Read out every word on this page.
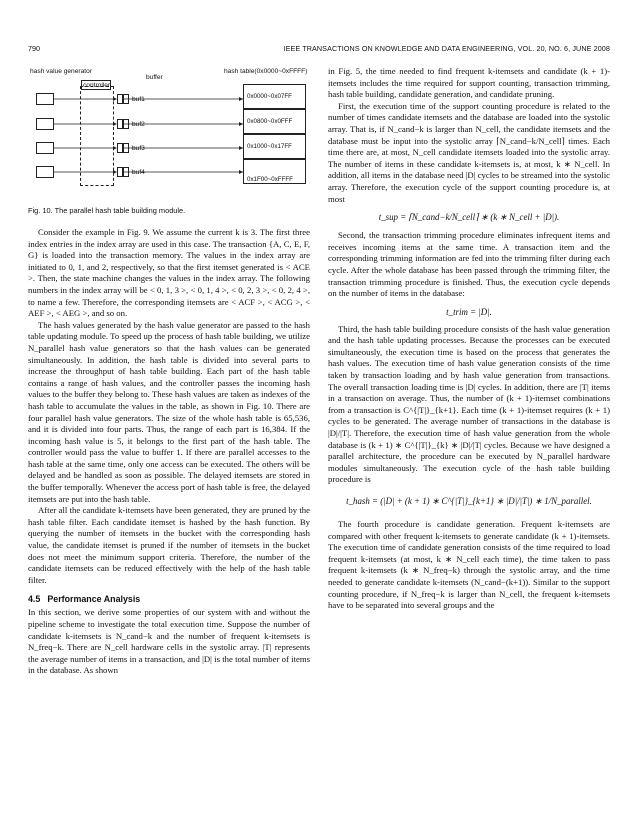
790	IEEE TRANSACTIONS ON KNOWLEDGE AND DATA ENGINEERING, VOL. 20, NO. 6, JUNE 2008
hash value generator
controller
buffer
hash table(0x0000~0xFFFF)
buf1
buf2
buf3
buf4
0x0000~0x07FF
0x0800~0x0FFF
0x1000~0x17FF
0x1F00~0xFFFF
Fig. 10. The parallel hash table building module.

Consider the example in Fig. 9. We assume the current k is 3. The first three index entries in the index array are used in this case. The transaction {A, C, E, F, G} is loaded into the transaction memory. The values in the index array are initiated to 0, 1, and 2, respectively, so that the first itemset generated is < ACE >. Then, the state machine changes the values in the index array. The following numbers in the index array will be < 0, 1, 3 >, < 0, 1, 4 >, < 0, 2, 3 >, < 0, 2, 4 >, to name a few. Therefore, the corresponding itemsets are < ACF >, < ACG >, < AEF >, < AEG >, and so on.

The hash values generated by the hash value generator are passed to the hash table updating module. To speed up the process of hash table building, we utilize N_parallel hash value generators so that the hash values can be generated simultaneously. In addition, the hash table is divided into several parts to increase the throughput of hash table building. Each part of the hash table contains a range of hash values, and the controller passes the incoming hash values to the buffer they belong to. These hash values are taken as indexes of the hash table to accumulate the values in the table, as shown in Fig. 10. There are four parallel hash value generators. The size of the whole hash table is 65,536, and it is divided into four parts. Thus, the range of each part is 16,384. If the incoming hash value is 5, it belongs to the first part of the hash table. The controller would pass the value to buffer 1. If there are parallel accesses to the hash table at the same time, only one access can be executed. The others will be delayed and be handled as soon as possible. The delayed itemsets are stored in the buffer temporally. Whenever the access port of hash table is free, the delayed itemsets are put into the hash table.

After all the candidate k-itemsets have been generated, they are pruned by the hash table filter. Each candidate itemset is hashed by the hash function. By querying the number of itemsets in the bucket with the corresponding hash value, the candidate itemset is pruned if the number of itemsets in the bucket does not meet the minimum support criteria. Therefore, the number of the candidate itemsets can be reduced effectively with the help of the hash table filter.

4.5 Performance Analysis

In this section, we derive some properties of our system with and without the pipeline scheme to investigate the total execution time. Suppose the number of candidate k-itemsets is N_cand−k and the number of frequent k-itemsets is N_freq−k. There are N_cell hardware cells in the systolic array. |T| represents the average number of items in a transaction, and |D| is the total number of items in the database. As shown

in Fig. 5, the time needed to find frequent k-itemsets and candidate (k + 1)-itemsets includes the time required for support counting, transaction trimming, hash table building, candidate generation, and candidate pruning.

First, the execution time of the support counting procedure is related to the number of times candidate itemsets and the database are loaded into the systolic array. That is, if N_cand−k is larger than N_cell, the candidate itemsets and the database must be input into the systolic array ⌈N_cand−k/N_cell⌉ times. Each time there are, at most, N_cell candidate itemsets loaded into the systolic array. The number of items in these candidate k-itemsets is, at most, k ∗ N_cell. In addition, all items in the database need |D| cycles to be streamed into the systolic array. Therefore, the execution cycle of the support counting procedure is, at most

t_sup = ⌈N_cand−k/N_cell⌉ ∗ (k ∗ N_cell + |D|).

Second, the transaction trimming procedure eliminates infrequent items and receives incoming items at the same time. A transaction item and the corresponding trimming information are fed into the trimming filter during each cycle. After the whole database has been passed through the trimming filter, the transaction trimming procedure is finished. Thus, the execution cycle depends on the number of items in the database:

t_trim = |D|.

Third, the hash table building procedure consists of the hash value generation and the hash table updating processes. Because the processes can be executed simultaneously, the execution time is based on the process that generates the hash values. The execution time of hash value generation consists of the time taken by transaction loading and by hash value generation from transactions. The overall transaction loading time is |D| cycles. In addition, there are |T| items in a transaction on average. Thus, the number of (k + 1)-itemset combinations from a transaction is C^{|T|}_{k+1}. Each time (k + 1)-itemset requires (k + 1) cycles to be generated. The average number of transactions in the database is |D|/|T|. Therefore, the execution time of hash value generation from the whole database is (k + 1) ∗ C^{|T|}_{k} ∗ |D|/|T| cycles. Because we have designed a parallel architecture, the procedure can be executed by N_parallel hardware modules simultaneously. The execution cycle of the hash table building procedure is

t_hash = (|D| + (k + 1) ∗ C^{|T|}_{k+1} ∗ |D|/|T|) ∗ 1/N_parallel.

The fourth procedure is candidate generation. Frequent k-itemsets are compared with other frequent k-itemsets to generate candidate (k + 1)-itemsets. The execution time of candidate generation consists of the time required to load frequent k-itemsets (at most, k ∗ N_cell each time), the time taken to pass frequent k-itemsets (k ∗ N_freq−k) through the systolic array, and the time needed to generate candidate k-itemsets (N_cand−(k+1)). Similar to the support counting procedure, if N_freq−k is larger than N_cell, the frequent k-itemsets have to be separated into several groups and the
